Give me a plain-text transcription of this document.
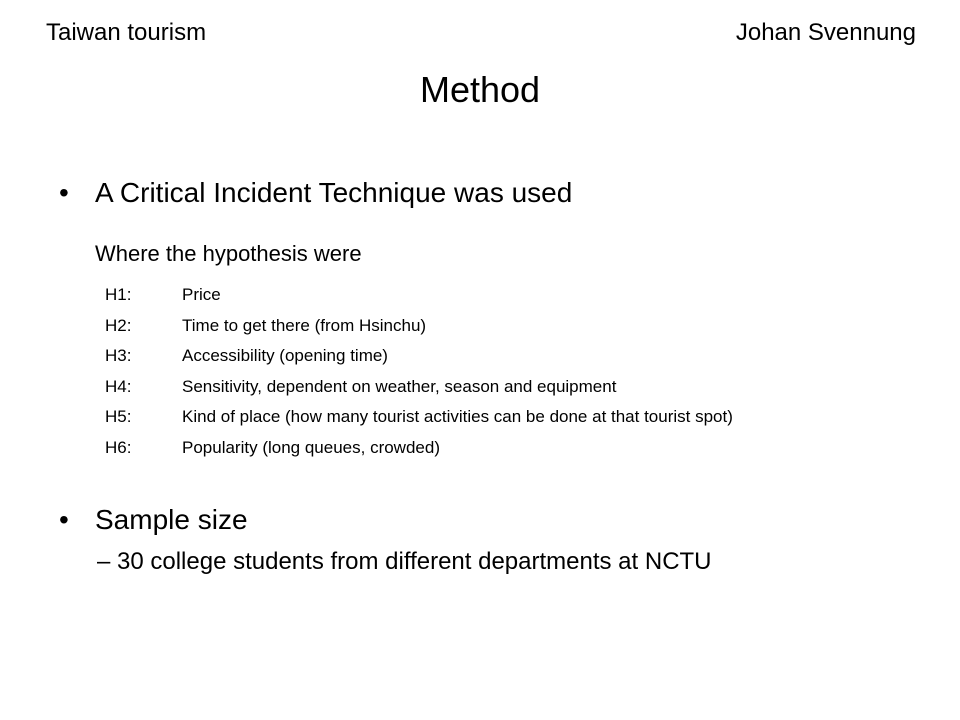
Taiwan tourism	Johan Svennung
Method
• A Critical Incident Technique was used
Where the hypothesis were
H1:	Price
H2:	Time to get there (from Hsinchu)
H3:	Accessibility (opening time)
H4:	Sensitivity, dependent on weather, season and equipment
H5:	Kind of place (how many tourist activities can be done at that tourist spot)
H6:	Popularity (long queues, crowded)
• Sample size
– 30 college students from different departments at NCTU
